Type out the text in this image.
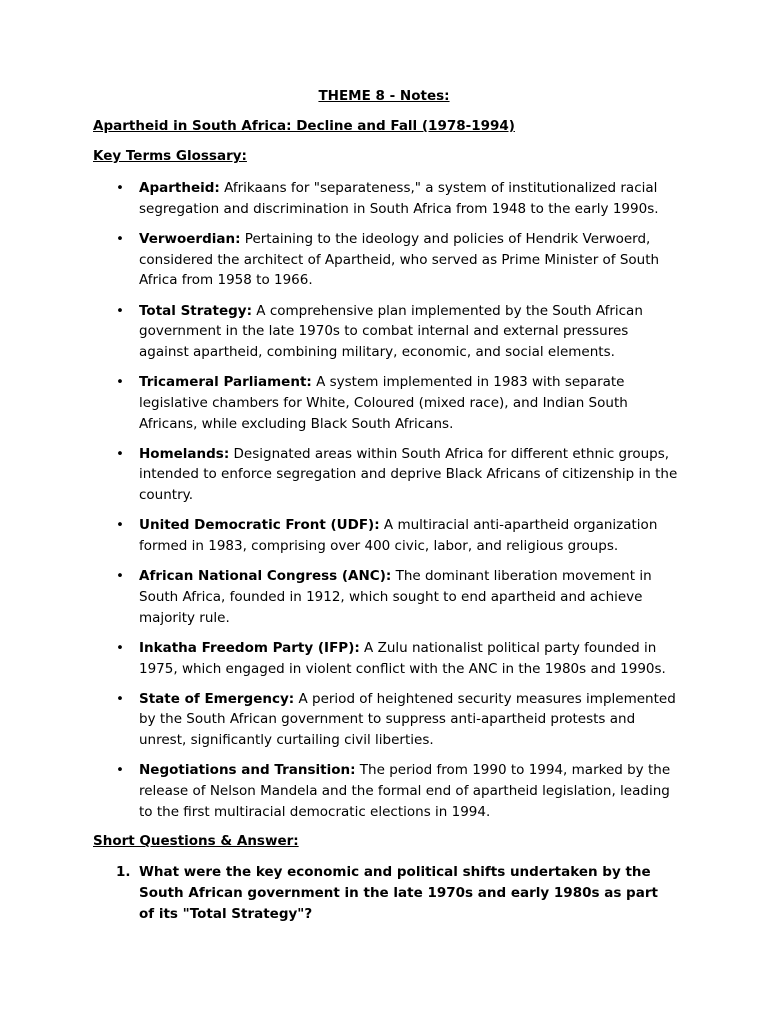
THEME 8 - Notes:
Apartheid in South Africa: Decline and Fall (1978-1994)
Key Terms Glossary:
• Apartheid: Afrikaans for "separateness," a system of institutionalized racial segregation and discrimination in South Africa from 1948 to the early 1990s.
• Verwoerdian: Pertaining to the ideology and policies of Hendrik Verwoerd, considered the architect of Apartheid, who served as Prime Minister of South Africa from 1958 to 1966.
• Total Strategy: A comprehensive plan implemented by the South African government in the late 1970s to combat internal and external pressures against apartheid, combining military, economic, and social elements.
• Tricameral Parliament: A system implemented in 1983 with separate legislative chambers for White, Coloured (mixed race), and Indian South Africans, while excluding Black South Africans.
• Homelands: Designated areas within South Africa for different ethnic groups, intended to enforce segregation and deprive Black Africans of citizenship in the country.
• United Democratic Front (UDF): A multiracial anti-apartheid organization formed in 1983, comprising over 400 civic, labor, and religious groups.
• African National Congress (ANC): The dominant liberation movement in South Africa, founded in 1912, which sought to end apartheid and achieve majority rule.
• Inkatha Freedom Party (IFP): A Zulu nationalist political party founded in 1975, which engaged in violent conflict with the ANC in the 1980s and 1990s.
• State of Emergency: A period of heightened security measures implemented by the South African government to suppress anti-apartheid protests and unrest, significantly curtailing civil liberties.
• Negotiations and Transition: The period from 1990 to 1994, marked by the release of Nelson Mandela and the formal end of apartheid legislation, leading to the first multiracial democratic elections in 1994.
Short Questions & Answer:
1. What were the key economic and political shifts undertaken by the South African government in the late 1970s and early 1980s as part of its "Total Strategy"?
